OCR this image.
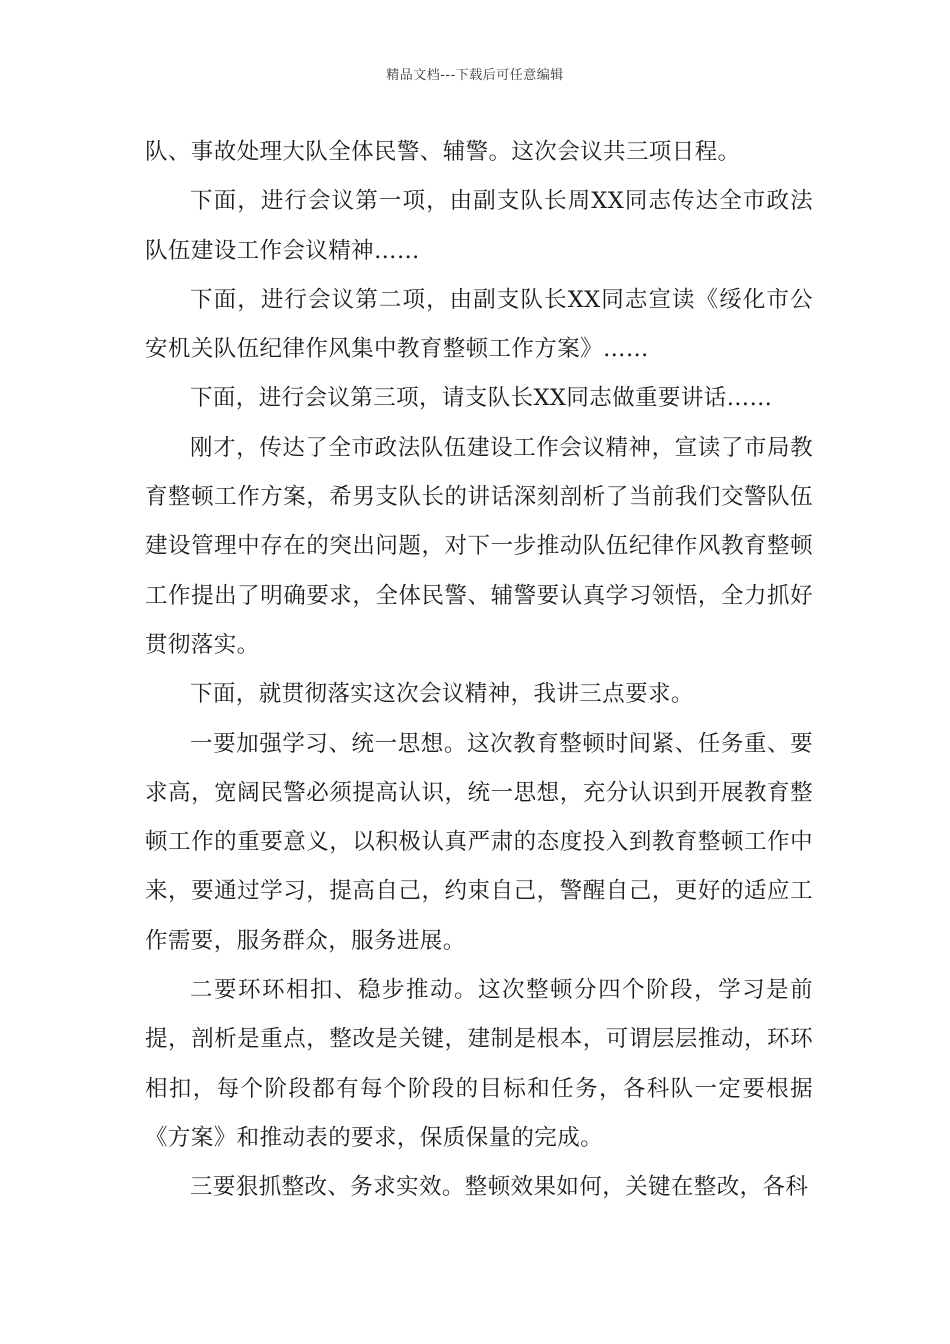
精品文档---下载后可任意编辑

队、事故处理大队全体民警、辅警。这次会议共三项日程。

下面，进行会议第一项，由副支队长周XX同志传达全市政法队伍建设工作会议精神……

下面，进行会议第二项，由副支队长XX同志宣读《绥化市公安机关队伍纪律作风集中教育整顿工作方案》……

下面，进行会议第三项，请支队长XX同志做重要讲话……

刚才，传达了全市政法队伍建设工作会议精神，宣读了市局教育整顿工作方案，希男支队长的讲话深刻剖析了当前我们交警队伍建设管理中存在的突出问题，对下一步推动队伍纪律作风教育整顿工作提出了明确要求，全体民警、辅警要认真学习领悟，全力抓好贯彻落实。

下面，就贯彻落实这次会议精神，我讲三点要求。

一要加强学习、统一思想。这次教育整顿时间紧、任务重、要求高，宽阔民警必须提高认识，统一思想，充分认识到开展教育整顿工作的重要意义，以积极认真严肃的态度投入到教育整顿工作中来，要通过学习，提高自己，约束自己，警醒自己，更好的适应工作需要，服务群众，服务进展。

二要环环相扣、稳步推动。这次整顿分四个阶段，学习是前提，剖析是重点，整改是关键，建制是根本，可谓层层推动，环环相扣，每个阶段都有每个阶段的目标和任务，各科队一定要根据《方案》和推动表的要求，保质保量的完成。

三要狠抓整改、务求实效。整顿效果如何，关键在整改，各科
